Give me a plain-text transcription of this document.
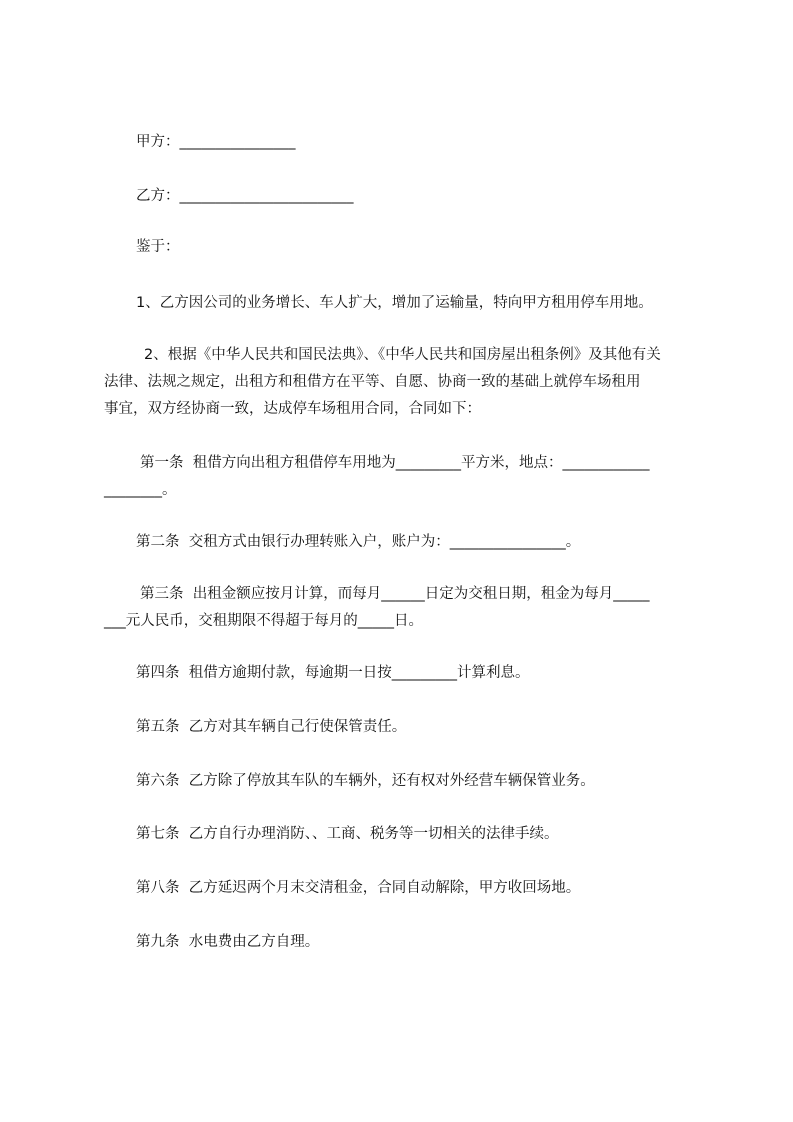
甲方：________________
乙方：________________________
鉴于：
1、乙方因公司的业务增长、车人扩大，增加了运输量，特向甲方租用停车用地。
2、根据《中华人民共和国民法典》、《中华人民共和国房屋出租条例》及其他有关
法律、法规之规定，出租方和租借方在平等、自愿、协商一致的基础上就停车场租用
事宜，双方经协商一致，达成停车场租用合同，合同如下：
第一条  租借方向出租方租借停车用地为_________平方米，地点：____________
________。
第二条  交租方式由银行办理转账入户，账户为：________________。
第三条  出租金额应按月计算，而每月______日定为交租日期，租金为每月_____
___元人民币，交租期限不得超于每月的_____日。
第四条  租借方逾期付款，每逾期一日按_________计算利息。
第五条  乙方对其车辆自己行使保管责任。
第六条  乙方除了停放其车队的车辆外，还有权对外经营车辆保管业务。
第七条  乙方自行办理消防、、工商、税务等一切相关的法律手续。
第八条  乙方延迟两个月末交清租金，合同自动解除，甲方收回场地。
第九条  水电费由乙方自理。
